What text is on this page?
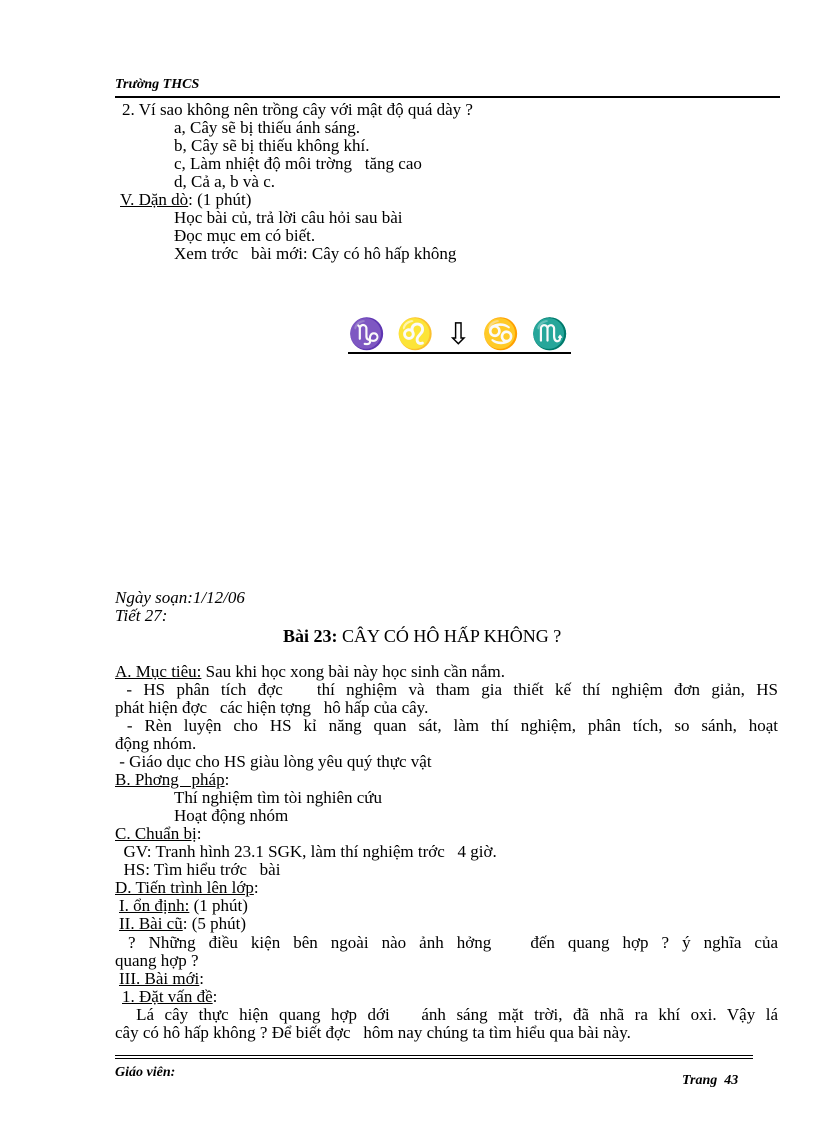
Trường THCS
2. Ví sao không nên trồng cây với mật độ quá dày ?
a, Cây sẽ bị thiếu ánh sáng.
b, Cây sẽ bị thiếu không khí.
c, Làm nhiệt độ môi trờng   tăng cao
d, Cả a, b và c.
V. Dặn dò: (1 phút)
Học bài củ, trả lời câu hỏi sau bài
Đọc mục em có biết.
Xem trớc   bài mới: Cây có hô hấp không
♑ ♌ ⇩ ♋ ♏
Ngày soạn:1/12/06
Tiết 27:
Bài 23: CÂY CÓ HÔ HẤP KHÔNG ?
A. Mục tiêu: Sau khi học xong bài này học sinh cần nắm.
- HS phân tích đợc   thí nghiệm và tham gia thiết kế thí nghiệm đơn giản, HS
phát hiện đợc   các hiện tợng   hô hấp của cây.
- Rèn luyện cho HS kỉ năng quan sát, làm thí nghiệm, phân tích, so sánh, hoạt
động nhóm.
- Giáo dục cho HS giàu lòng yêu quý thực vật
B. Phơng   pháp:
Thí nghiệm tìm tòi nghiên cứu
Hoạt động nhóm
C. Chuẩn bị:
GV: Tranh hình 23.1 SGK, làm thí nghiệm trớc   4 giờ.
HS: Tìm hiểu trớc   bài
D. Tiến trình lên lớp:
I. ổn định: (1 phút)
II. Bài cũ: (5 phút)
? Những điều kiện bên ngoài nào ảnh hởng   đến quang hợp ? ý nghĩa của
quang hợp ?
III. Bài mới:
1. Đặt vấn đề:
Lá cây thực hiện quang hợp dới   ánh sáng mặt trời, đã nhã ra khí oxi. Vậy lá
cây có hô hấp không ? Để biết đợc   hôm nay chúng ta tìm hiểu qua bài này.
Giáo viên:
Trang  43
